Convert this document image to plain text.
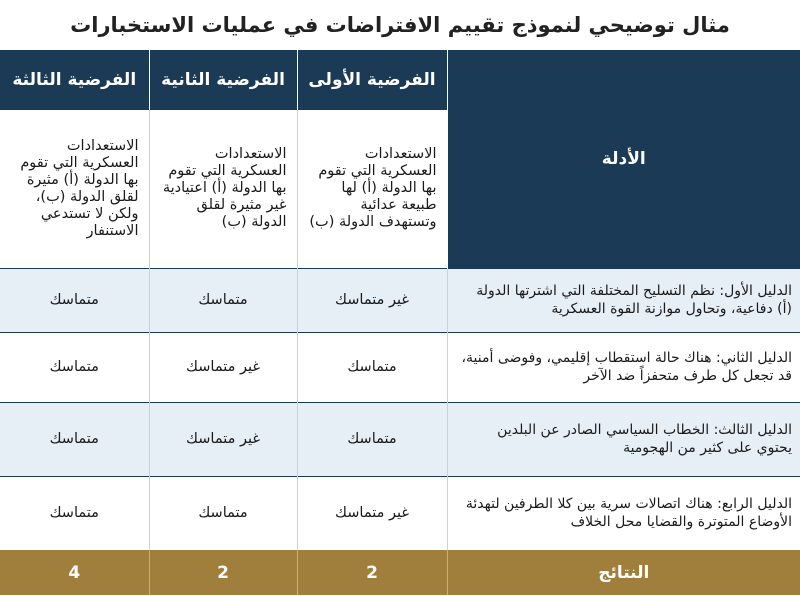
مثال توضيحي لنموذج تقييم الافتراضات في عمليات الاستخبارات
الأدلة	الفرضية الأولى	الفرضية الثانية	الفرضية الثالثة
	الاستعدادات العسكرية التي تقوم بها الدولة (أ) لها طبيعة عدائية وتستهدف الدولة (ب)	الاستعدادات العسكرية التي تقوم بها الدولة (أ) اعتيادية غير مثيرة لقلق الدولة (ب)	الاستعدادات العسكرية التي تقوم بها الدولة (أ) مثيرة لقلق الدولة (ب)، ولكن لا تستدعي الاستنفار
الدليل الأول: نظم التسليح المختلفة التي اشترتها الدولة (أ) دفاعية، وتحاول موازنة القوة العسكرية	غير متماسك	متماسك	متماسك
الدليل الثاني: هناك حالة استقطاب إقليمي، وفوضى أمنية، قد تجعل كل طرف متحفزاً ضد الآخر	متماسك	غير متماسك	متماسك
الدليل الثالث: الخطاب السياسي الصادر عن البلدين يحتوي على كثير من الهجومية	متماسك	غير متماسك	متماسك
الدليل الرابع: هناك اتصالات سرية بين كلا الطرفين لتهدئة الأوضاع المتوترة والقضايا محل الخلاف	غير متماسك	متماسك	متماسك
النتائج	2	2	4
